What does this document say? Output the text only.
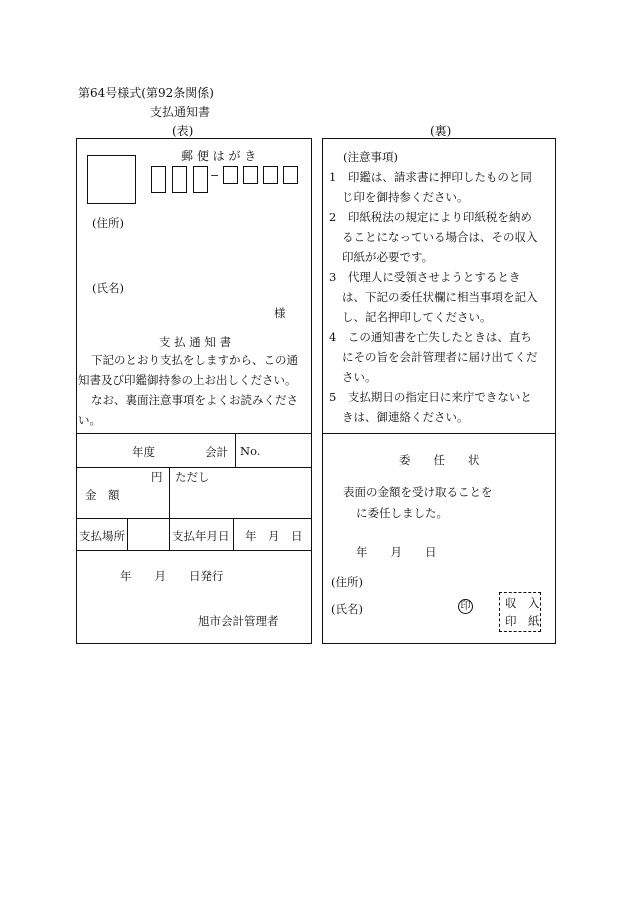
第64号様式(第92条関係)
支払通知書
(表)	(裏)
郵 便 は が き
−
(住所)
(氏名)
様
支 払 通 知 書
下記のとおり支払をしますから、この通
知書及び印鑑御持参の上お出しください。
なお、裏面注意事項をよくお読みくださ
い。
年度	会計 No.
円
金　額
ただし
支払場所	支払年月日 年　月　日
年　　月　　日発行
旭市会計管理者
(注意事項)
1　印鑑は、請求書に押印したものと同
じ印を御持参ください。
2　印紙税法の規定により印紙税を納め
ることになっている場合は、その収入
印紙が必要です。
3　代理人に受領させようとするとき
は、下記の委任状欄に相当事項を記入
し、記名押印してください。
4　この通知書を亡失したときは、直ち
にその旨を会計管理者に届け出てくだ
さい。
5　支払期日の指定日に来庁できないと
きは、御連絡ください。
委　　任　　状
表面の金額を受け取ることを
に委任しました。
年　　月　　日
(住所)
(氏名)	印	収　入
印　紙
